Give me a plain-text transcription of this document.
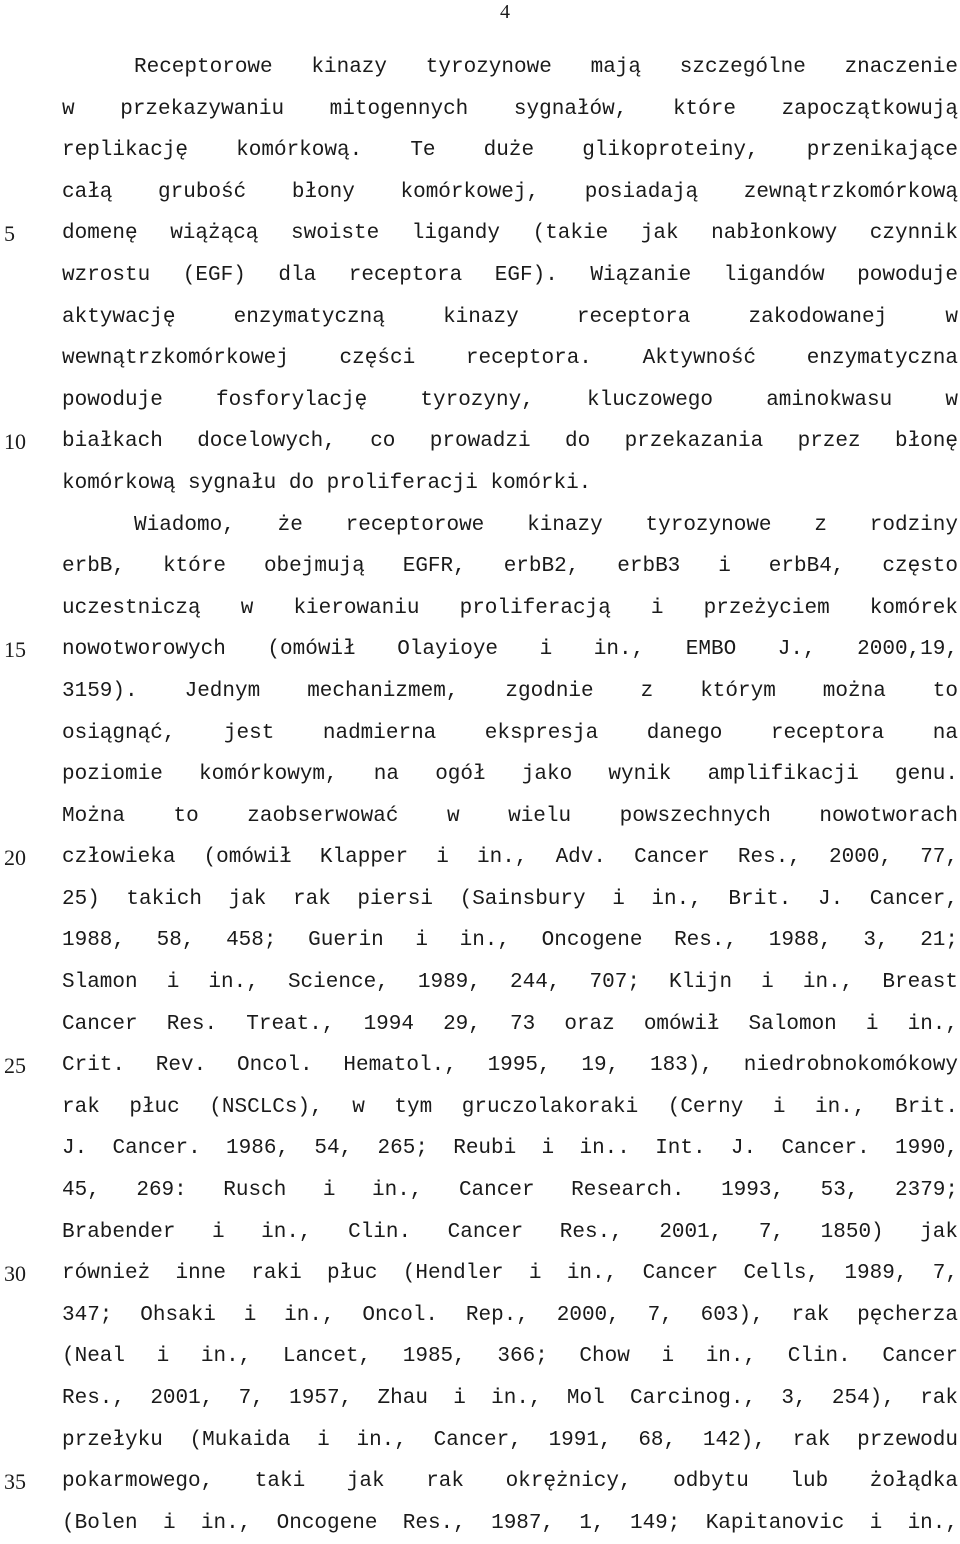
4
5
10
15
20
25
30
35
Receptorowe kinazy tyrozynowe mają szczególne znaczenie
w przekazywaniu mitogennych sygnałów, które zapoczątkowują
replikację komórkową. Te duże glikoproteiny, przenikające
całą grubość błony komórkowej, posiadają zewnątrzkomórkową
domenę wiążącą swoiste ligandy (takie jak nabłonkowy czynnik
wzrostu (EGF) dla receptora EGF). Wiązanie ligandów powoduje
aktywację enzymatyczną kinazy receptora zakodowanej w
wewnątrzkomórkowej części receptora. Aktywność enzymatyczna
powoduje fosforylację tyrozyny, kluczowego aminokwasu w
białkach docelowych, co prowadzi do przekazania przez błonę
komórkową sygnału do proliferacji komórki.
Wiadomo, że receptorowe kinazy tyrozynowe z rodziny
erbB, które obejmują EGFR, erbB2, erbB3 i erbB4, często
uczestniczą w kierowaniu proliferacją i przeżyciem komórek
nowotworowych (omówił Olayioye i in., EMBO J., 2000,19,
3159). Jednym mechanizmem, zgodnie z którym można to
osiągnąć, jest nadmierna ekspresja danego receptora na
poziomie komórkowym, na ogół jako wynik amplifikacji genu.
Można to zaobserwować w wielu powszechnych nowotworach
człowieka (omówił Klapper i in., Adv. Cancer Res., 2000, 77,
25) takich jak rak piersi (Sainsbury i in., Brit. J. Cancer,
1988, 58, 458; Guerin i in., Oncogene Res., 1988, 3, 21;
Slamon i in., Science, 1989, 244, 707; Klijn i in., Breast
Cancer Res. Treat., 1994 29, 73 oraz omówił Salomon i in.,
Crit. Rev. Oncol. Hematol., 1995, 19, 183), niedrobnokomókowy
rak płuc (NSCLCs), w tym gruczolakoraki (Cerny i in., Brit.
J. Cancer. 1986, 54, 265; Reubi i in.. Int. J. Cancer. 1990,
45, 269: Rusch i in., Cancer Research. 1993, 53, 2379;
Brabender i in., Clin. Cancer Res., 2001, 7, 1850) jak
również inne raki płuc (Hendler i in., Cancer Cells, 1989, 7,
347; Ohsaki i in., Oncol. Rep., 2000, 7, 603), rak pęcherza
(Neal i in., Lancet, 1985, 366; Chow i in., Clin. Cancer
Res., 2001, 7, 1957, Zhau i in., Mol Carcinog., 3, 254), rak
przełyku (Mukaida i in., Cancer, 1991, 68, 142), rak przewodu
pokarmowego, taki jak rak okrężnicy, odbytu lub żołądka
(Bolen i in., Oncogene Res., 1987, 1, 149; Kapitanovic i in.,
